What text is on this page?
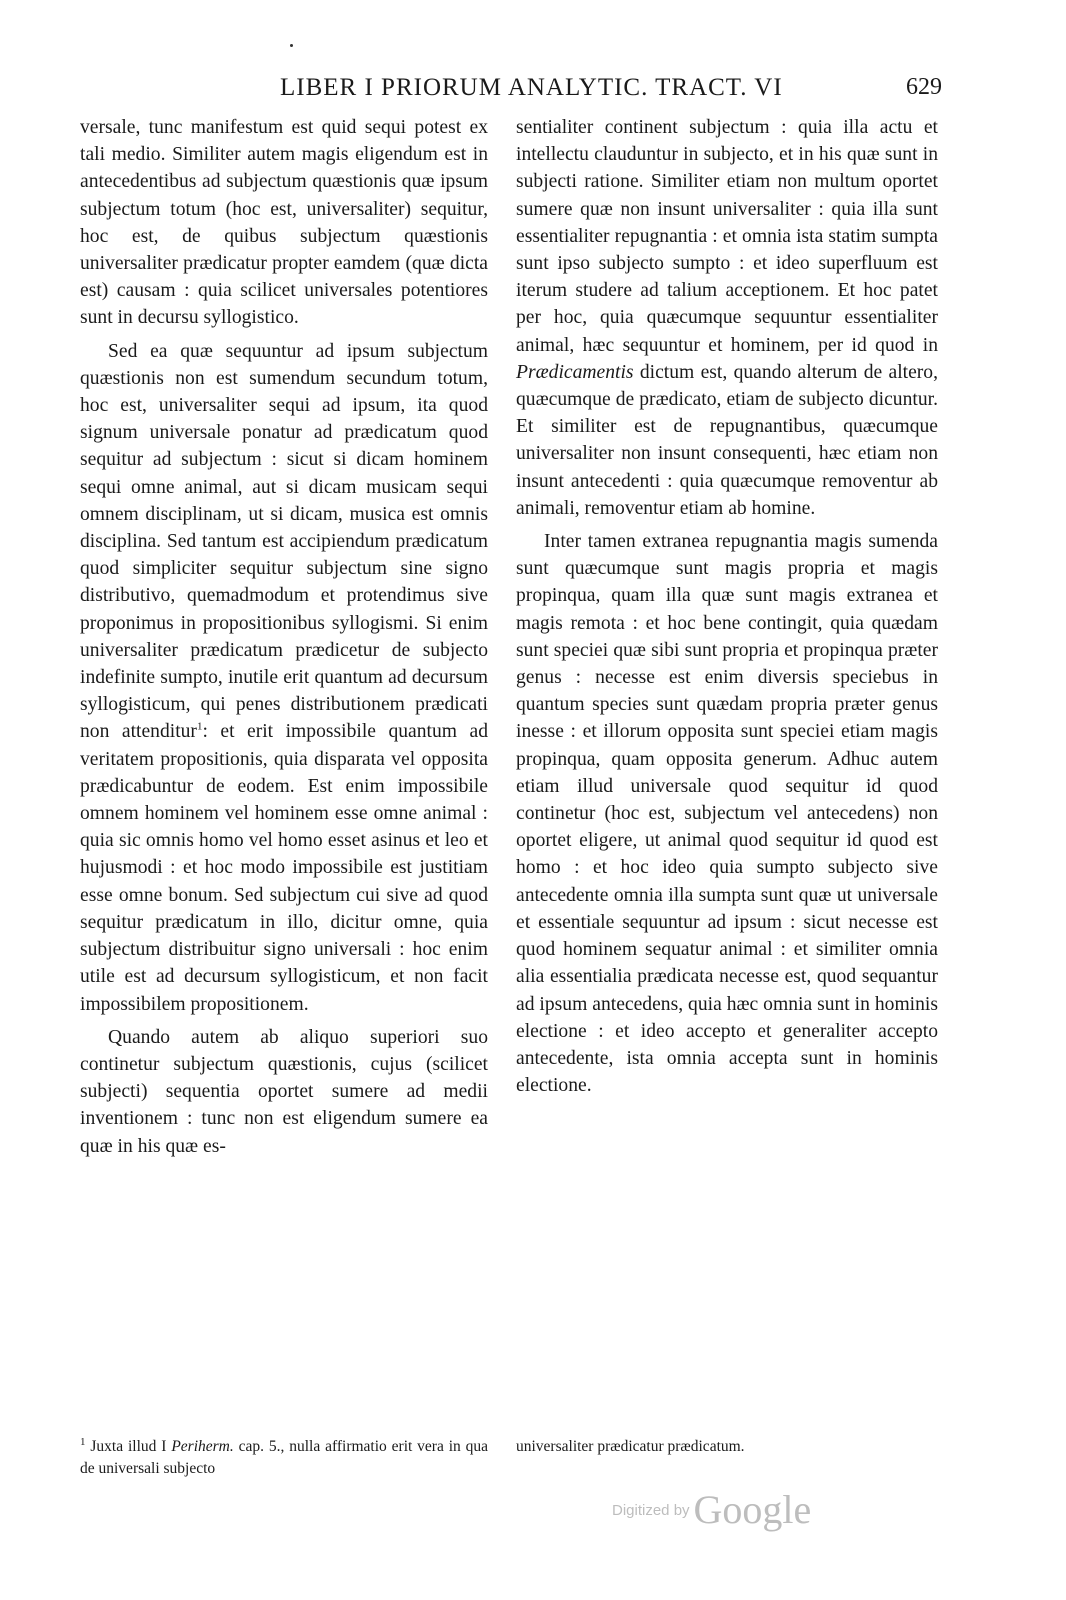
LIBER I PRIORUM ANALYTIC. TRACT. VI	629

versale, tunc manifestum est quid sequi potest ex tali medio. Similiter autem magis eligendum est in antecedentibus ad subjectum quæstionis quæ ipsum subjectum totum (hoc est, universaliter) sequitur, hoc est, de quibus subjectum quæstionis universaliter prædicatur propter eamdem (quæ dicta est) causam : quia scilicet universales potentiores sunt in decursu syllogistico.

Sed ea quæ sequuntur ad ipsum subjectum quæstionis non est sumendum secundum totum, hoc est, universaliter sequi ad ipsum, ita quod signum universale ponatur ad prædicatum quod sequitur ad subjectum : sicut si dicam hominem sequi omne animal, aut si dicam musicam sequi omnem disciplinam, ut si dicam, musica est omnis disciplina. Sed tantum est accipiendum prædicatum quod simpliciter sequitur subjectum sine signo distributivo, quemadmodum et protendimus sive proponimus in propositionibus syllogismi. Si enim universaliter prædicatum prædicetur de subjecto indefinite sumpto, inutile erit quantum ad decursum syllogisticum, qui penes distributionem prædicati non attenditur$^1$: et erit impossibile quantum ad veritatem propositionis, quia disparata vel opposita prædicabuntur de eodem. Est enim impossibile omnem hominem vel hominem esse omne animal : quia sic omnis homo vel homo esset asinus et leo et hujusmodi : et hoc modo impossibile est justitiam esse omne bonum. Sed subjectum cui sive ad quod sequitur prædicatum in illo, dicitur omne, quia subjectum distribuitur signo universali : hoc enim utile est ad decursum syllogisticum, et non facit impossibilem propositionem.

Quando autem ab aliquo superiori suo continetur subjectum quæstionis, cujus (scilicet subjecti) sequentia oportet sumere ad medii inventionem : tunc non est eligendum sumere ea quæ in his quæ es-

sentialiter continent subjectum : quia illa actu et intellectu clauduntur in subjecto, et in his quæ sunt in subjecti ratione. Similiter etiam non multum oportet sumere quæ non insunt universaliter : quia illa sunt essentialiter repugnantia : et omnia ista statim sumpta sunt ipso subjecto sumpto : et ideo superfluum est iterum studere ad talium acceptionem. Et hoc patet per hoc, quia quæcumque sequuntur essentialiter animal, hæc sequuntur et hominem, per id quod in Prædicamentis dictum est, quando alterum de altero, quæcumque de prædicato, etiam de subjecto dicuntur. Et similiter est de repugnantibus, quæcumque universaliter non insunt consequenti, hæc etiam non insunt antecedenti : quia quæcumque removentur ab animali, removentur etiam ab homine.

Inter tamen extranea repugnantia magis sumenda sunt quæcumque sunt magis propria et magis propinqua, quam illa quæ sunt magis extranea et magis remota : et hoc bene contingit, quia quædam sunt speciei quæ sibi sunt propria et propinqua præter genus : necesse est enim diversis speciebus in quantum species sunt quædam propria præter genus inesse : et illorum opposita sunt speciei etiam magis propinqua, quam opposita generum. Adhuc autem etiam illud universale quod sequitur id quod continetur (hoc est, subjectum vel antecedens) non oportet eligere, ut animal quod sequitur id quod est homo : et hoc ideo quia sumpto subjecto sive antecedente omnia illa sumpta sunt quæ ut universale et essentiale sequuntur ad ipsum : sicut necesse est quod hominem sequatur animal : et similiter omnia alia essentialia prædicata necesse est, quod sequantur ad ipsum antecedens, quia hæc omnia sunt in hominis electione : et ideo accepto et generaliter accepto antecedente, ista omnia accepta sunt in hominis electione.

$^1$ Juxta illud I Periherm. cap. 5., nulla affirmatio erit vera in qua de universali subjecto
universaliter prædicatur prædicatum.
Digitized by Google
